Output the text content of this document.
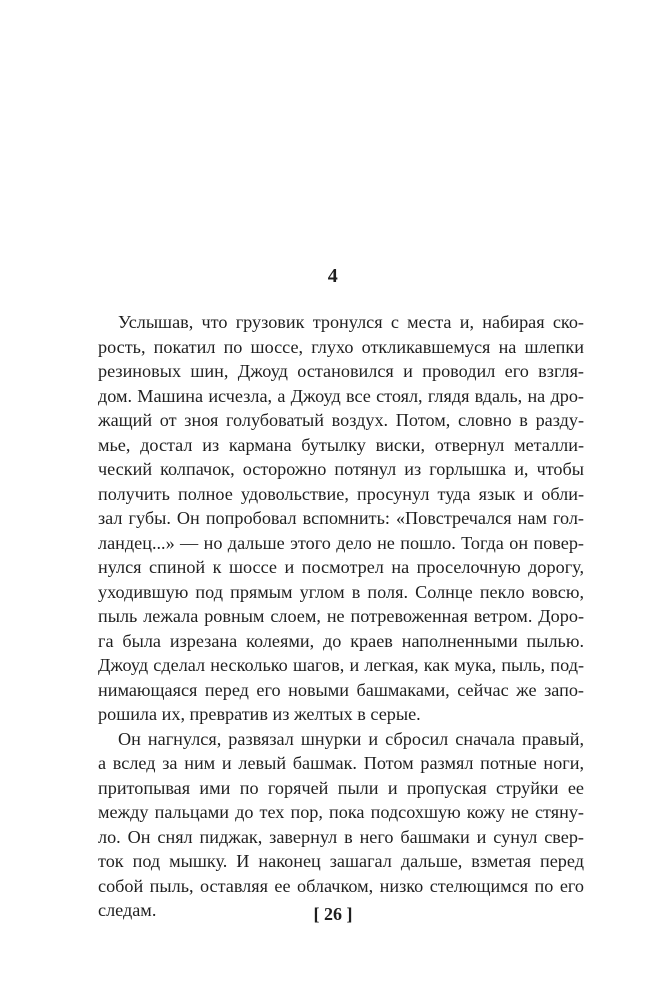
4
Услышав, что грузовик тронулся с места и, набирая ско-
рость, покатил по шоссе, глухо откликавшемуся на шлепки
резиновых шин, Джоуд остановился и проводил его взгля-
дом. Машина исчезла, а Джоуд все стоял, глядя вдаль, на дро-
жащий от зноя голубоватый воздух. Потом, словно в разду-
мье, достал из кармана бутылку виски, отвернул металли-
ческий колпачок, осторожно потянул из горлышка и, чтобы
получить полное удовольствие, просунул туда язык и обли-
зал губы. Он попробовал вспомнить: «Повстречался нам гол-
ландец...» — но дальше этого дело не пошло. Тогда он повер-
нулся спиной к шоссе и посмотрел на проселочную дорогу,
уходившую под прямым углом в поля. Солнце пекло вовсю,
пыль лежала ровным слоем, не потревоженная ветром. Доро-
га была изрезана колеями, до краев наполненными пылью.
Джоуд сделал несколько шагов, и легкая, как мука, пыль, под-
нимающаяся перед его новыми башмаками, сейчас же запо-
рошила их, превратив из желтых в серые.
Он нагнулся, развязал шнурки и сбросил сначала правый,
а вслед за ним и левый башмак. Потом размял потные ноги,
притопывая ими по горячей пыли и пропуская струйки ее
между пальцами до тех пор, пока подсохшую кожу не стяну-
ло. Он снял пиджак, завернул в него башмаки и сунул свер-
ток под мышку. И наконец зашагал дальше, взметая перед
собой пыль, оставляя ее облачком, низко стелющимся по его
следам.	[ 26 ]
